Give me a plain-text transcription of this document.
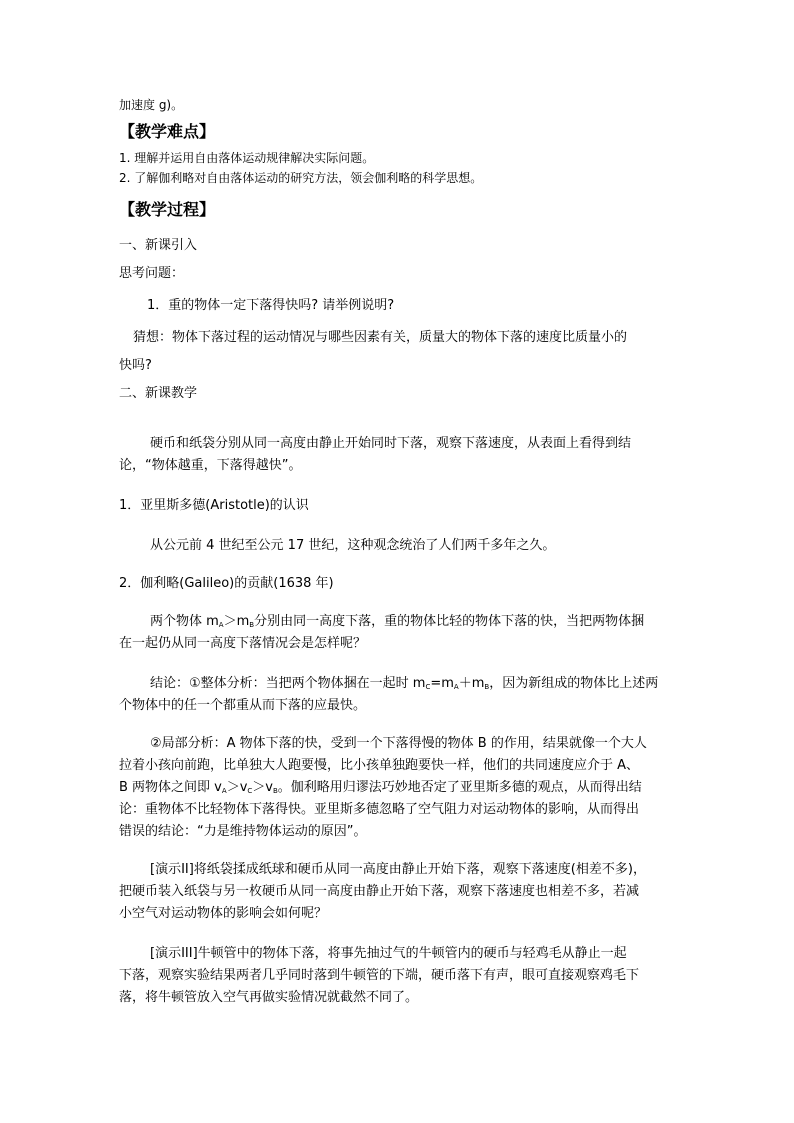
加速度 g)。
【教学难点】
1. 理解并运用自由落体运动规律解决实际问题。
2. 了解伽利略对自由落体运动的研究方法，领会伽利略的科学思想。
【教学过程】
一、新课引入
思考问题：
1．重的物体一定下落得快吗? 请举例说明?
猜想：物体下落过程的运动情况与哪些因素有关，质量大的物体下落的速度比质量小的
快吗?
二、新课教学
硬币和纸袋分别从同一高度由静止开始同时下落，观察下落速度，从表面上看得到结
论，“物体越重，下落得越快”。
1．亚里斯多德(Aristotle)的认识
从公元前 4 世纪至公元 17 世纪，这种观念统治了人们两千多年之久。
2．伽利略(Galileo)的贡献(1638 年)
两个物体 $m_A>m_B$分别由同一高度下落，重的物体比轻的物体下落的快，当把两物体捆
在一起仍从同一高度下落情况会是怎样呢？
结论：①整体分析：当把两个物体捆在一起时 $m_C=m_A+m_B$，因为新组成的物体比上述两
个物体中的任一个都重从而下落的应最快。
②局部分析：A 物体下落的快，受到一个下落得慢的物体 B 的作用，结果就像一个大人
拉着小孩向前跑，比单独大人跑要慢，比小孩单独跑要快一样，他们的共同速度应介于 A、
B 两物体之间即 $v_A>v_C>v_B$。伽利略用归谬法巧妙地否定了亚里斯多德的观点，从而得出结
论：重物体不比轻物体下落得快。亚里斯多德忽略了空气阻力对运动物体的影响，从而得出
错误的结论：“力是维持物体运动的原因”。
[演示II]将纸袋揉成纸球和硬币从同一高度由静止开始下落，观察下落速度(相差不多)，
把硬币装入纸袋与另一枚硬币从同一高度由静止开始下落，观察下落速度也相差不多，若减
小空气对运动物体的影响会如何呢？
[演示III]牛顿管中的物体下落，将事先抽过气的牛顿管内的硬币与轻鸡毛从静止一起
下落，观察实验结果两者几乎同时落到牛顿管的下端，硬币落下有声，眼可直接观察鸡毛下
落，将牛顿管放入空气再做实验情况就截然不同了。
